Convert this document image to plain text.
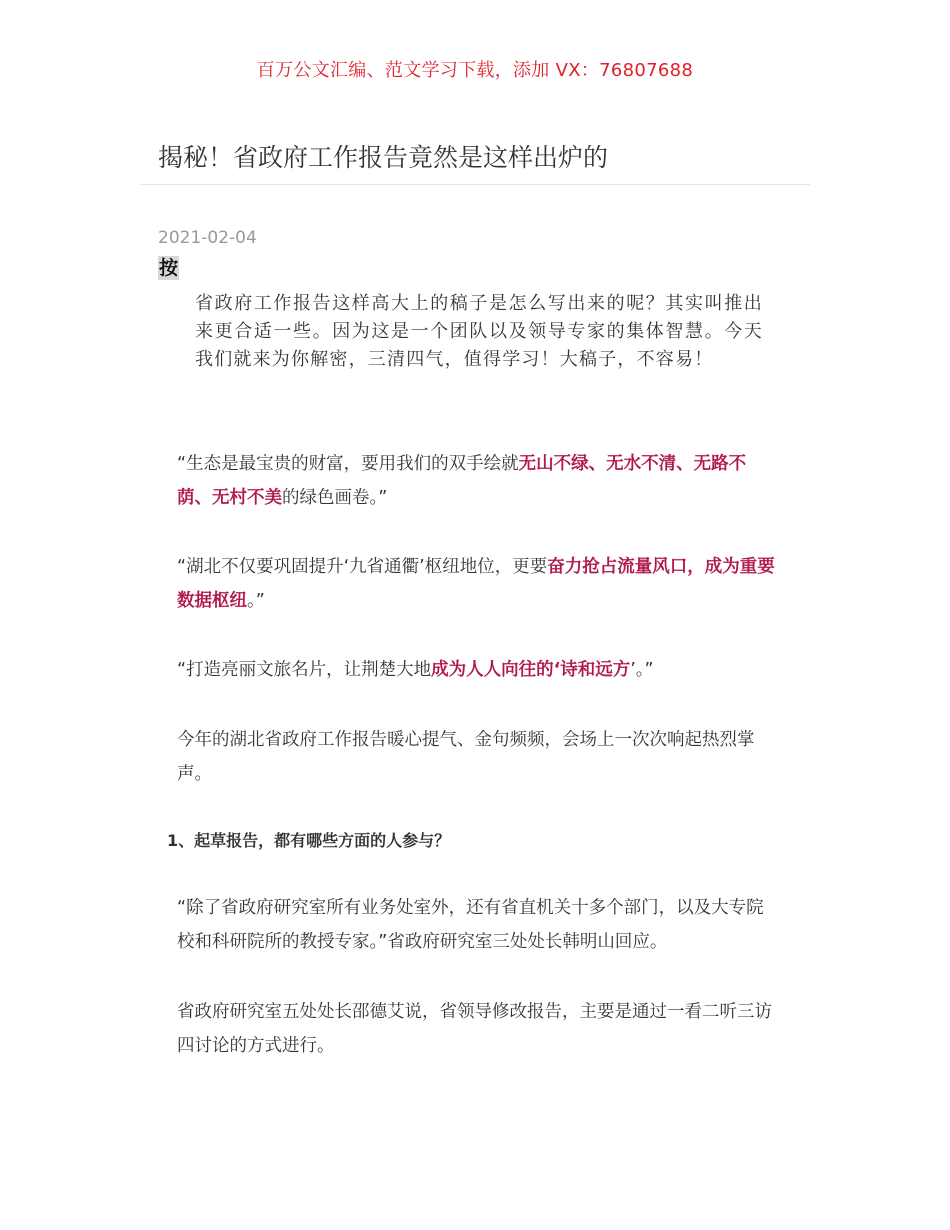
百万公文汇编、范文学习下载，添加 VX：76807688
揭秘！省政府工作报告竟然是这样出炉的
2021-02-04
按
省政府工作报告这样高大上的稿子是怎么写出来的呢？其实叫推出来更合适一些。因为这是一个团队以及领导专家的集体智慧。今天我们就来为你解密，三清四气，值得学习！大稿子，不容易！

“生态是最宝贵的财富，要用我们的双手绘就无山不绿、无水不清、无路不荫、无村不美的绿色画卷。”

“湖北不仅要巩固提升‘九省通衢’枢纽地位，更要奋力抢占流量风口，成为重要数据枢纽。”

“打造亮丽文旅名片，让荆楚大地成为人人向往的‘诗和远方’。”

今年的湖北省政府工作报告暖心提气、金句频频，会场上一次次响起热烈掌声。

1、起草报告，都有哪些方面的人参与？

“除了省政府研究室所有业务处室外，还有省直机关十多个部门，以及大专院校和科研院所的教授专家。”省政府研究室三处处长韩明山回应。

省政府研究室五处处长邵德艾说，省领导修改报告，主要是通过一看二听三访四讨论的方式进行。
